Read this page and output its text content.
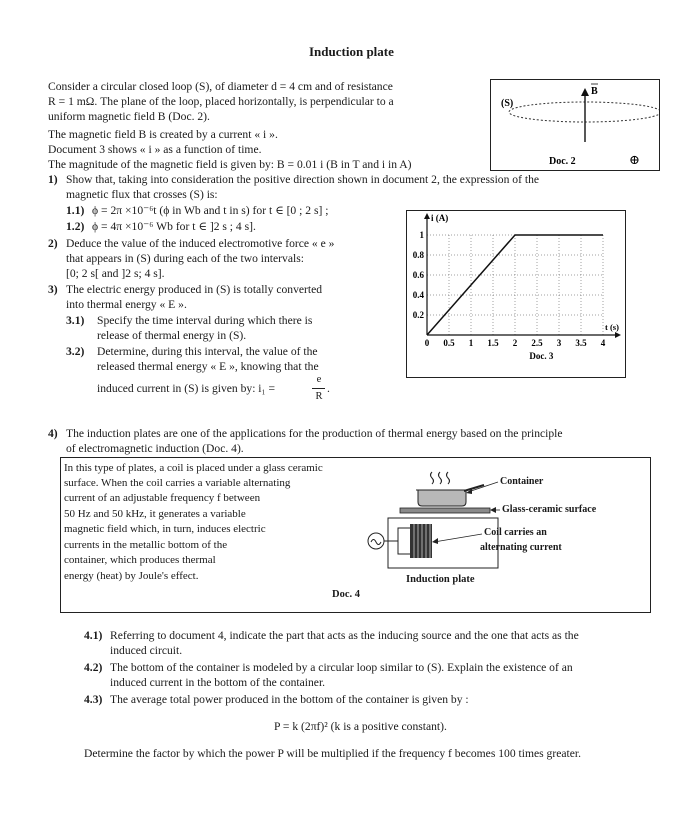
Induction plate
Consider a circular closed loop (S), of diameter d = 4 cm and of resistance
R = 1 mΩ. The plane of the loop, placed horizontally, is perpendicular to a
uniform magnetic field B (Doc. 2).
The magnetic field B is created by a current « i ».
Document 3 shows « i » as a function of time.
The magnitude of the magnetic field is given by: B = 0.01 i (B in T and i in A)
B
(S)
Doc. 2	⊕
1) Show that, taking into consideration the positive direction shown in document 2, the expression of the
magnetic flux that crosses (S) is:
1.1) ϕ = 2π ×10⁻⁶t (ϕ in Wb and t in s) for t ∈ [0 ; 2 s] ;
1.2) ϕ = 4π ×10⁻⁶ Wb for t ∈ ]2 s ; 4 s].
2) Deduce the value of the induced electromotive force « e »
that appears in (S) during each of the two intervals:
[0; 2 s[ and ]2 s; 4 s].
3) The electric energy produced in (S) is totally converted
into thermal energy « E ».
3.1) Specify the time interval during which there is
release of thermal energy in (S).
3.2) Determine, during this interval, the value of the
released thermal energy « E », knowing that the
induced current in (S) is given by: i₁ =
e
R
.
0 0.5 1 1.5 2 2.5 3 3.5 4
0.2
0.4
0.6
0.8
1
i (A)
t (s)
Doc. 3
4) The induction plates are one of the applications for the production of thermal energy based on the principle
of electromagnetic induction (Doc. 4).
In this type of plates, a coil is placed under a glass ceramic
surface. When the coil carries a variable alternating
current of an adjustable frequency f between
50 Hz and 50 kHz, it generates a variable
magnetic field which, in turn, induces electric
currents in the metallic bottom of the
container, which produces thermal
energy (heat) by Joule's effect.
Doc. 4
Container
Glass-ceramic surface
Coil carries an
alternating current
Induction plate
4.1) Referring to document 4, indicate the part that acts as the inducing source and the one that acts as the
induced circuit.
4.2) The bottom of the container is modeled by a circular loop similar to (S). Explain the existence of an
induced current in the bottom of the container.
4.3) The average total power produced in the bottom of the container is given by :
P = k (2πf)² (k is a positive constant).
Determine the factor by which the power P will be multiplied if the frequency f becomes 100 times greater.
